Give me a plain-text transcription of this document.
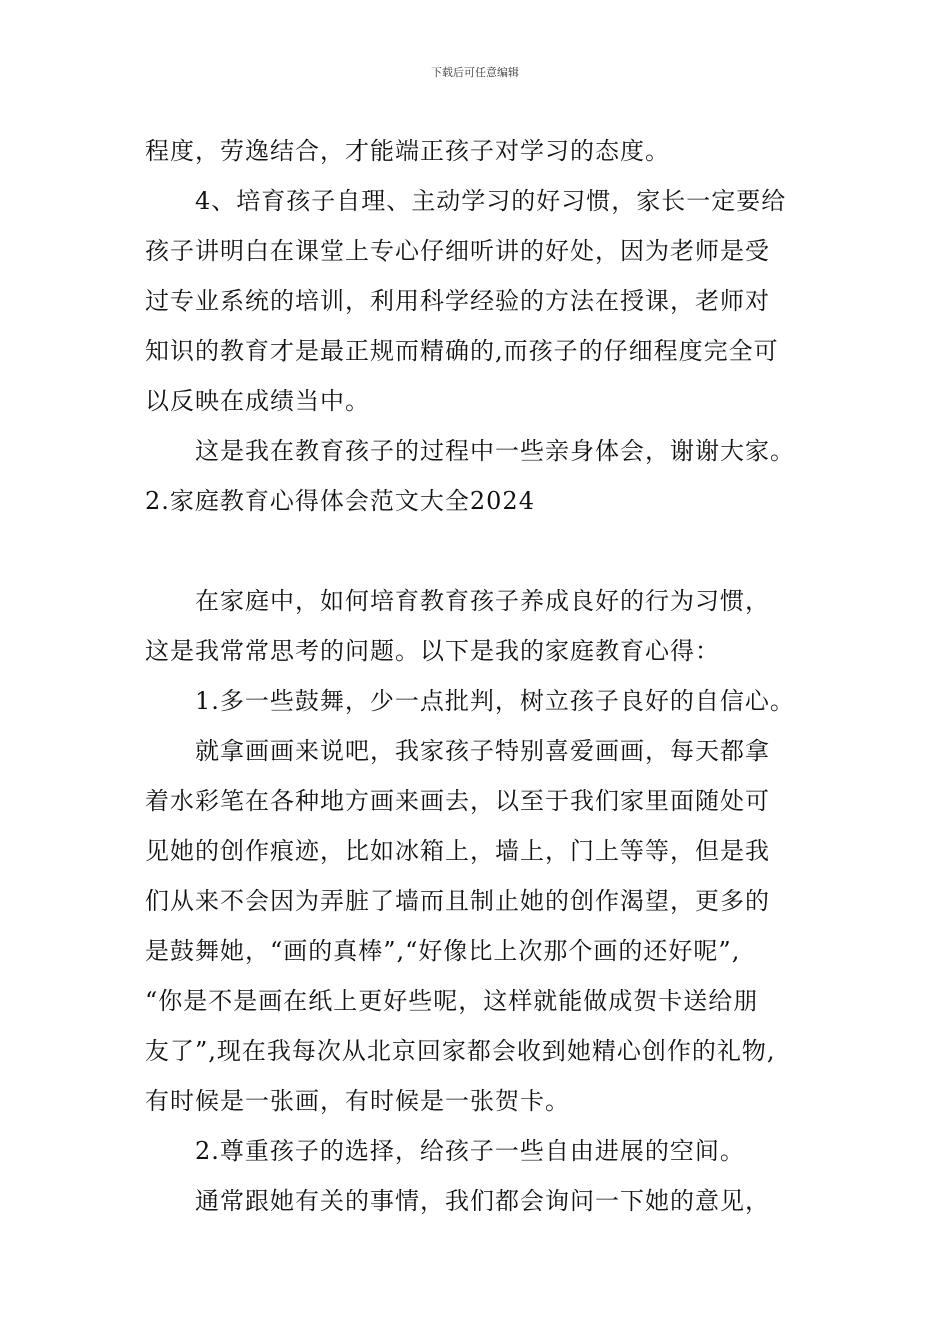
下载后可任意编辑
程度，劳逸结合，才能端正孩子对学习的态度。
4、培育孩子自理、主动学习的好习惯，家长一定要给
孩子讲明白在课堂上专心仔细听讲的好处，因为老师是受
过专业系统的培训，利用科学经验的方法在授课，老师对
知识的教育才是最正规而精确的,而孩子的仔细程度完全可
以反映在成绩当中。
这是我在教育孩子的过程中一些亲身体会，谢谢大家。
2.家庭教育心得体会范文大全2024
在家庭中，如何培育教育孩子养成良好的行为习惯，
这是我常常思考的问题。以下是我的家庭教育心得：
1.多一些鼓舞，少一点批判，树立孩子良好的自信心。
就拿画画来说吧，我家孩子特别喜爱画画，每天都拿
着水彩笔在各种地方画来画去，以至于我们家里面随处可
见她的创作痕迹，比如冰箱上，墙上，门上等等，但是我
们从来不会因为弄脏了墙而且制止她的创作渴望，更多的
是鼓舞她，“画的真棒”,“好像比上次那个画的还好呢”,
“你是不是画在纸上更好些呢，这样就能做成贺卡送给朋
友了”,现在我每次从北京回家都会收到她精心创作的礼物,
有时候是一张画，有时候是一张贺卡。
2.尊重孩子的选择，给孩子一些自由进展的空间。
通常跟她有关的事情，我们都会询问一下她的意见，
